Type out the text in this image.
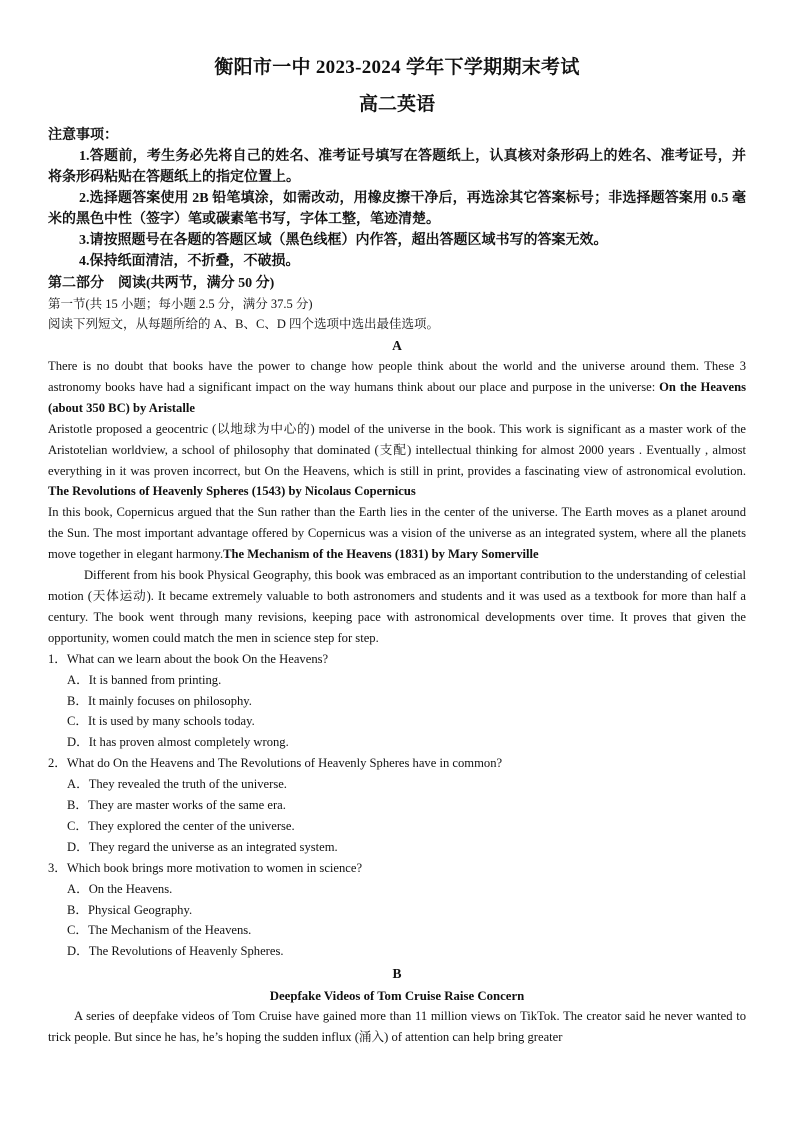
衡阳市一中 2023-2024 学年下学期期末考试
高二英语
注意事项：
1.答题前，考生务必先将自己的姓名、准考证号填写在答题纸上，认真核对条形码上的姓名、准考证号，并将条形码粘贴在答题纸上的指定位置上。
2.选择题答案使用 2B 铅笔填涂，如需改动，用橡皮擦干净后，再选涂其它答案标号；非选择题答案用 0.5 毫米的黑色中性（签字）笔或碳素笔书写，字体工整，笔迹清楚。
3.请按照题号在各题的答题区域（黑色线框）内作答，超出答题区域书写的答案无效。
4.保持纸面清洁，不折叠，不破损。
第二部分　阅读(共两节，满分 50 分)
第一节(共 15 小题；每小题 2.5 分，满分 37.5 分)
阅读下列短文，从每题所给的 A、B、C、D 四个选项中选出最佳选项。
A

There is no doubt that books have the power to change how people think about the world and the universe around them. These 3 astronomy books have had a significant impact on the way humans think about our place and purpose in the universe: On the Heavens (about 350 BC) by Aristalle

Aristotle proposed a geocentric (以地球为中心的) model of the universe in the book. This work is significant as a master work of the Aristotelian worldview, a school of philosophy that dominated (支配) intellectual thinking for almost 2000 years . Eventually , almost everything in it was proven incorrect, but On the Heavens, which is still in print, provides a fascinating view of astronomical evolution. The Revolutions of Heavenly Spheres (1543) by Nicolaus Copernicus

In this book, Copernicus argued that the Sun rather than the Earth lies in the center of the universe. The Earth moves as a planet around the Sun. The most important advantage offered by Copernicus was a vision of the universe as an integrated system, where all the planets move together in elegant harmony.The Mechanism of the Heavens (1831) by Mary Somerville

Different from his book Physical Geography, this book was embraced as an important contribution to the understanding of celestial motion (天体运动). It became extremely valuable to both astronomers and students and it was used as a textbook for more than half a century. The book went through many revisions, keeping pace with astronomical developments over time. It proves that given the opportunity, women could match the men in science step for step.

1．What can we learn about the book On the Heavens?

A．It is banned from printing.

B．It mainly focuses on philosophy.

C．It is used by many schools today.

D．It has proven almost completely wrong.

2．What do On the Heavens and The Revolutions of Heavenly Spheres have in common?

A．They revealed the truth of the universe.

B．They are master works of the same era.

C．They explored the center of the universe.

D．They regard the universe as an integrated system.

3．Which book brings more motivation to women in science?

A．On the Heavens.

B．Physical Geography.

C．The Mechanism of the Heavens.

D．The Revolutions of Heavenly Spheres.

B
Deepfake Videos of Tom Cruise Raise Concern

A series of deepfake videos of Tom Cruise have gained more than 11 million views on TikTok. The creator said he never wanted to trick people. But since he has, he’s hoping the sudden influx (涌入) of attention can help bring greater
